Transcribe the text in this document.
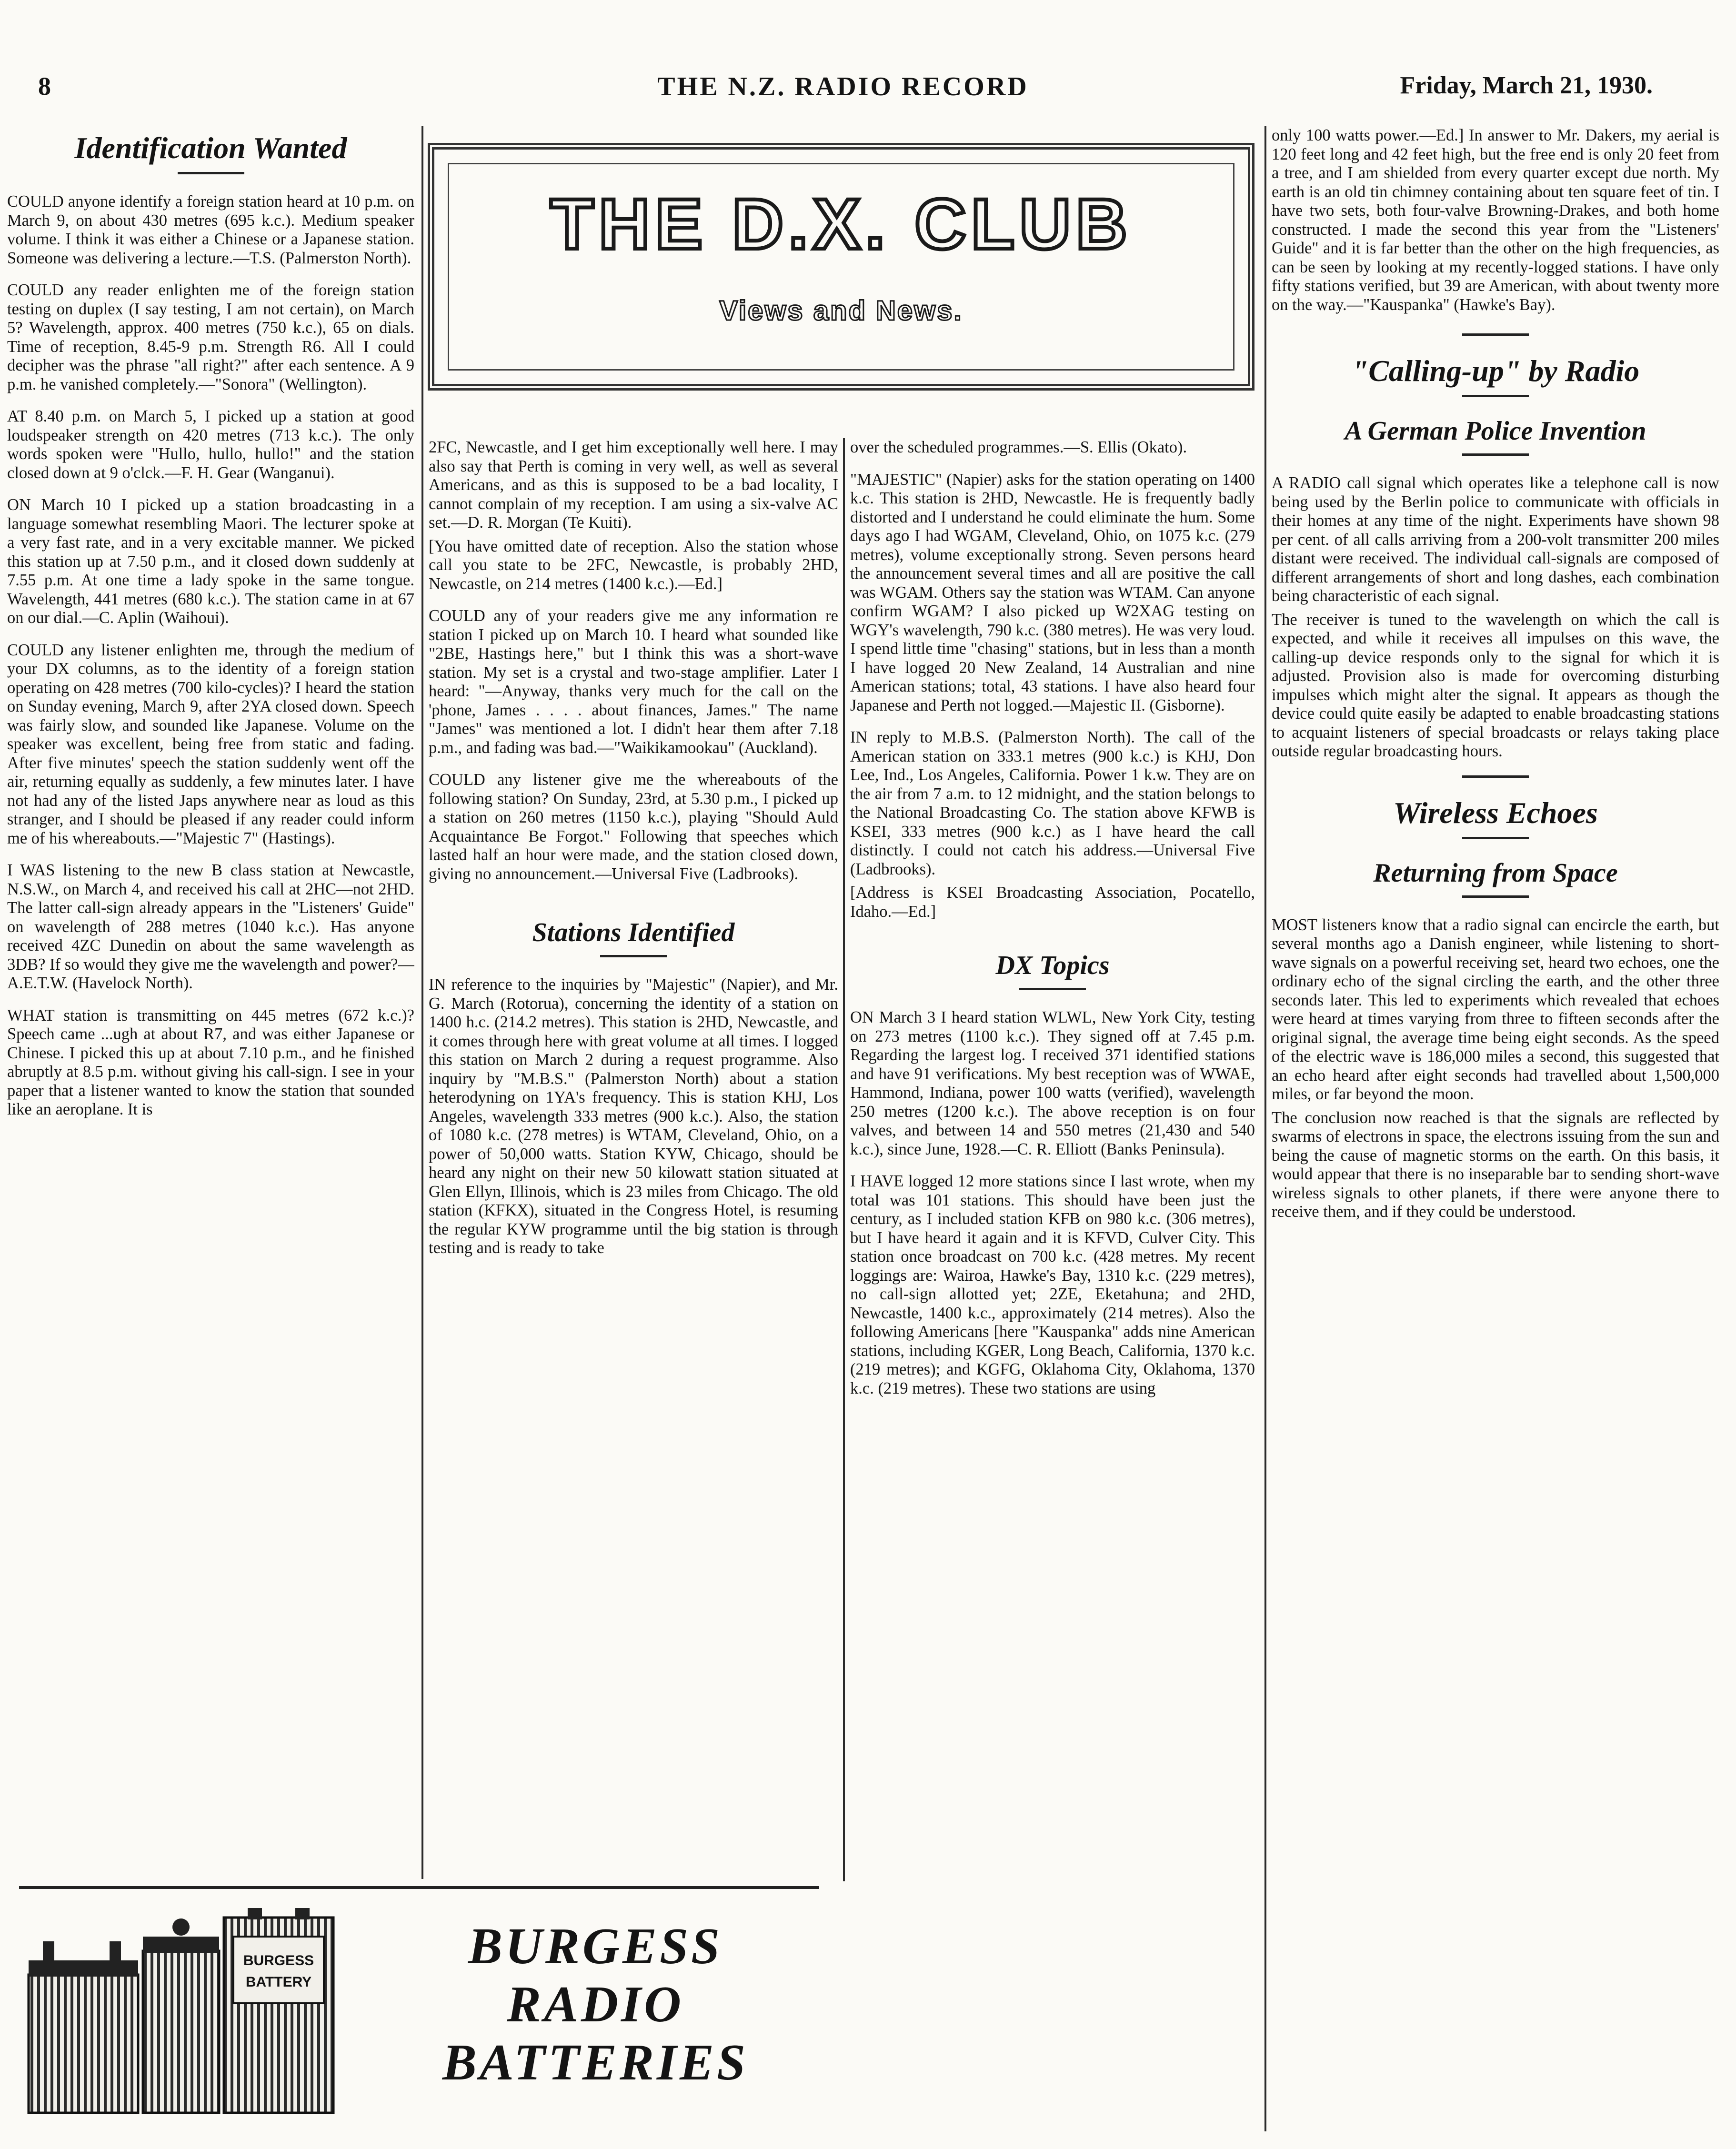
8	THE N.Z. RADIO RECORD	Friday, March 21, 1930.
THE D.X. CLUB
Views and News.
Identification Wanted

COULD anyone identify a foreign station heard at 10 p.m. on March 9, on about 430 metres (695 k.c.). Medium speaker volume. I think it was either a Chinese or a Japanese station. Someone was delivering a lecture.—T.S. (Palmerston North).

COULD any reader enlighten me of the foreign station testing on duplex (I say testing, I am not certain), on March 5? Wavelength, approx. 400 metres (750 k.c.), 65 on dials. Time of reception, 8.45-9 p.m. Strength R6. All I could decipher was the phrase "all right?" after each sentence. A 9 p.m. he vanished completely.—"Sonora" (Wellington).

AT 8.40 p.m. on March 5, I picked up a station at good loudspeaker strength on 420 metres (713 k.c.). The only words spoken were "Hullo, hullo, hullo!" and the station closed down at 9 o'clck.—F. H. Gear (Wanganui).

ON March 10 I picked up a station broadcasting in a language somewhat resembling Maori. The lecturer spoke at a very fast rate, and in a very excitable manner. We picked this station up at 7.50 p.m., and it closed down suddenly at 7.55 p.m. At one time a lady spoke in the same tongue. Wavelength, 441 metres (680 k.c.). The station came in at 67 on our dial.—C. Aplin (Waihoui).

COULD any listener enlighten me, through the medium of your DX columns, as to the identity of a foreign station operating on 428 metres (700 kilo-cycles)? I heard the station on Sunday evening, March 9, after 2YA closed down. Speech was fairly slow, and sounded like Japanese. Volume on the speaker was excellent, being free from static and fading. After five minutes' speech the station suddenly went off the air, returning equally as suddenly, a few minutes later. I have not had any of the listed Japs anywhere near as loud as this stranger, and I should be pleased if any reader could inform me of his whereabouts.—"Majestic 7" (Hastings).

I WAS listening to the new B class station at Newcastle, N.S.W., on March 4, and received his call at 2HC—not 2HD. The latter call-sign already appears in the "Listeners' Guide" on wavelength of 288 metres (1040 k.c.). Has anyone received 4ZC Dunedin on about the same wavelength as 3DB? If so would they give me the wavelength and power?—A.E.T.W. (Havelock North).

WHAT station is transmitting on 445 metres (672 k.c.)? Speech came ...ugh at about R7, and was either Japanese or Chinese. I picked this up at about 7.10 p.m., and he finished abruptly at 8.5 p.m. without giving his call-sign. I see in your paper that a listener wanted to know the station that sounded like an aeroplane. It is

2FC, Newcastle, and I get him exceptionally well here. I may also say that Perth is coming in very well, as well as several Americans, and as this is supposed to be a bad locality, I cannot complain of my reception. I am using a six-valve AC set.—D. R. Morgan (Te Kuiti).

[You have omitted date of reception. Also the station whose call you state to be 2FC, Newcastle, is probably 2HD, Newcastle, on 214 metres (1400 k.c.).—Ed.]

COULD any of your readers give me any information re station I picked up on March 10. I heard what sounded like "2BE, Hastings here," but I think this was a short-wave station. My set is a crystal and two-stage amplifier. Later I heard: "—Anyway, thanks very much for the call on the 'phone, James . . . . about finances, James." The name "James" was mentioned a lot. I didn't hear them after 7.18 p.m., and fading was bad.—"Waikikamookau" (Auckland).

COULD any listener give me the whereabouts of the following station? On Sunday, 23rd, at 5.30 p.m., I picked up a station on 260 metres (1150 k.c.), playing "Should Auld Acquaintance Be Forgot." Following that speeches which lasted half an hour were made, and the station closed down, giving no announcement.—Universal Five (Ladbrooks).

Stations Identified

IN reference to the inquiries by "Majestic" (Napier), and Mr. G. March (Rotorua), concerning the identity of a station on 1400 h.c. (214.2 metres). This station is 2HD, Newcastle, and it comes through here with great volume at all times. I logged this station on March 2 during a request programme. Also inquiry by "M.B.S." (Palmerston North) about a station heterodyning on 1YA's frequency. This is station KHJ, Los Angeles, wavelength 333 metres (900 k.c.). Also, the station of 1080 k.c. (278 metres) is WTAM, Cleveland, Ohio, on a power of 50,000 watts. Station KYW, Chicago, should be heard any night on their new 50 kilowatt station situated at Glen Ellyn, Illinois, which is 23 miles from Chicago. The old station (KFKX), situated in the Congress Hotel, is resuming the regular KYW programme until the big station is through testing and is ready to take

over the scheduled programmes.—S. Ellis (Okato).

"MAJESTIC" (Napier) asks for the station operating on 1400 k.c. This station is 2HD, Newcastle. He is frequently badly distorted and I understand he could eliminate the hum. Some days ago I had WGAM, Cleveland, Ohio, on 1075 k.c. (279 metres), volume exceptionally strong. Seven persons heard the announcement several times and all are positive the call was WGAM. Others say the station was WTAM. Can anyone confirm WGAM? I also picked up W2XAG testing on WGY's wavelength, 790 k.c. (380 metres). He was very loud. I spend little time "chasing" stations, but in less than a month I have logged 20 New Zealand, 14 Australian and nine American stations; total, 43 stations. I have also heard four Japanese and Perth not logged.—Majestic II. (Gisborne).

IN reply to M.B.S. (Palmerston North). The call of the American station on 333.1 metres (900 k.c.) is KHJ, Don Lee, Ind., Los Angeles, California. Power 1 k.w. They are on the air from 7 a.m. to 12 midnight, and the station belongs to the National Broadcasting Co. The station above KFWB is KSEI, 333 metres (900 k.c.) as I have heard the call distinctly. I could not catch his address.—Universal Five (Ladbrooks).

[Address is KSEI Broadcasting Association, Pocatello, Idaho.—Ed.]

DX Topics

ON March 3 I heard station WLWL, New York City, testing on 273 metres (1100 k.c.). They signed off at 7.45 p.m. Regarding the largest log. I received 371 identified stations and have 91 verifications. My best reception was of WWAE, Hammond, Indiana, power 100 watts (verified), wavelength 250 metres (1200 k.c.). The above reception is on four valves, and between 14 and 550 metres (21,430 and 540 k.c.), since June, 1928.—C. R. Elliott (Banks Peninsula).

I HAVE logged 12 more stations since I last wrote, when my total was 101 stations. This should have been just the century, as I included station KFB on 980 k.c. (306 metres), but I have heard it again and it is KFVD, Culver City. This station once broadcast on 700 k.c. (428 metres. My recent loggings are: Wairoa, Hawke's Bay, 1310 k.c. (229 metres), no call-sign allotted yet; 2ZE, Eketahuna; and 2HD, Newcastle, 1400 k.c., approximately (214 metres). Also the following Americans [here "Kauspanka" adds nine American stations, including KGER, Long Beach, California, 1370 k.c. (219 metres); and KGFG, Oklahoma City, Oklahoma, 1370 k.c. (219 metres). These two stations are using

only 100 watts power.—Ed.] In answer to Mr. Dakers, my aerial is 120 feet long and 42 feet high, but the free end is only 20 feet from a tree, and I am shielded from every quarter except due north. My earth is an old tin chimney containing about ten square feet of tin. I have two sets, both four-valve Browning-Drakes, and both home constructed. I made the second this year from the "Listeners' Guide" and it is far better than the other on the high frequencies, as can be seen by looking at my recently-logged stations. I have only fifty stations verified, but 39 are American, with about twenty more on the way.—"Kauspanka" (Hawke's Bay).

"Calling-up" by Radio
A German Police Invention

A RADIO call signal which operates like a telephone call is now being used by the Berlin police to communicate with officials in their homes at any time of the night. Experiments have shown 98 per cent. of all calls arriving from a 200-volt transmitter 200 miles distant were received. The individual call-signals are composed of different arrangements of short and long dashes, each combination being characteristic of each signal.

The receiver is tuned to the wavelength on which the call is expected, and while it receives all impulses on this wave, the calling-up device responds only to the signal for which it is adjusted. Provision also is made for overcoming disturbing impulses which might alter the signal. It appears as though the device could quite easily be adapted to enable broadcasting stations to acquaint listeners of special broadcasts or relays taking place outside regular broadcasting hours.

Wireless Echoes
Returning from Space

MOST listeners know that a radio signal can encircle the earth, but several months ago a Danish engineer, while listening to short-wave signals on a powerful receiving set, heard two echoes, one the ordinary echo of the signal circling the earth, and the other three seconds later. This led to experiments which revealed that echoes were heard at times varying from three to fifteen seconds after the original signal, the average time being eight seconds. As the speed of the electric wave is 186,000 miles a second, this suggested that an echo heard after eight seconds had travelled about 1,500,000 miles, or far beyond the moon.

The conclusion now reached is that the signals are reflected by swarms of electrons in space, the electrons issuing from the sun and being the cause of magnetic storms on the earth. On this basis, it would appear that there is no inseparable bar to sending short-wave wireless signals to other planets, if there were anyone there to receive them, and if they could be understood.

BURGESS
BATTERY
BURGESS
RADIO
BATTERIES
